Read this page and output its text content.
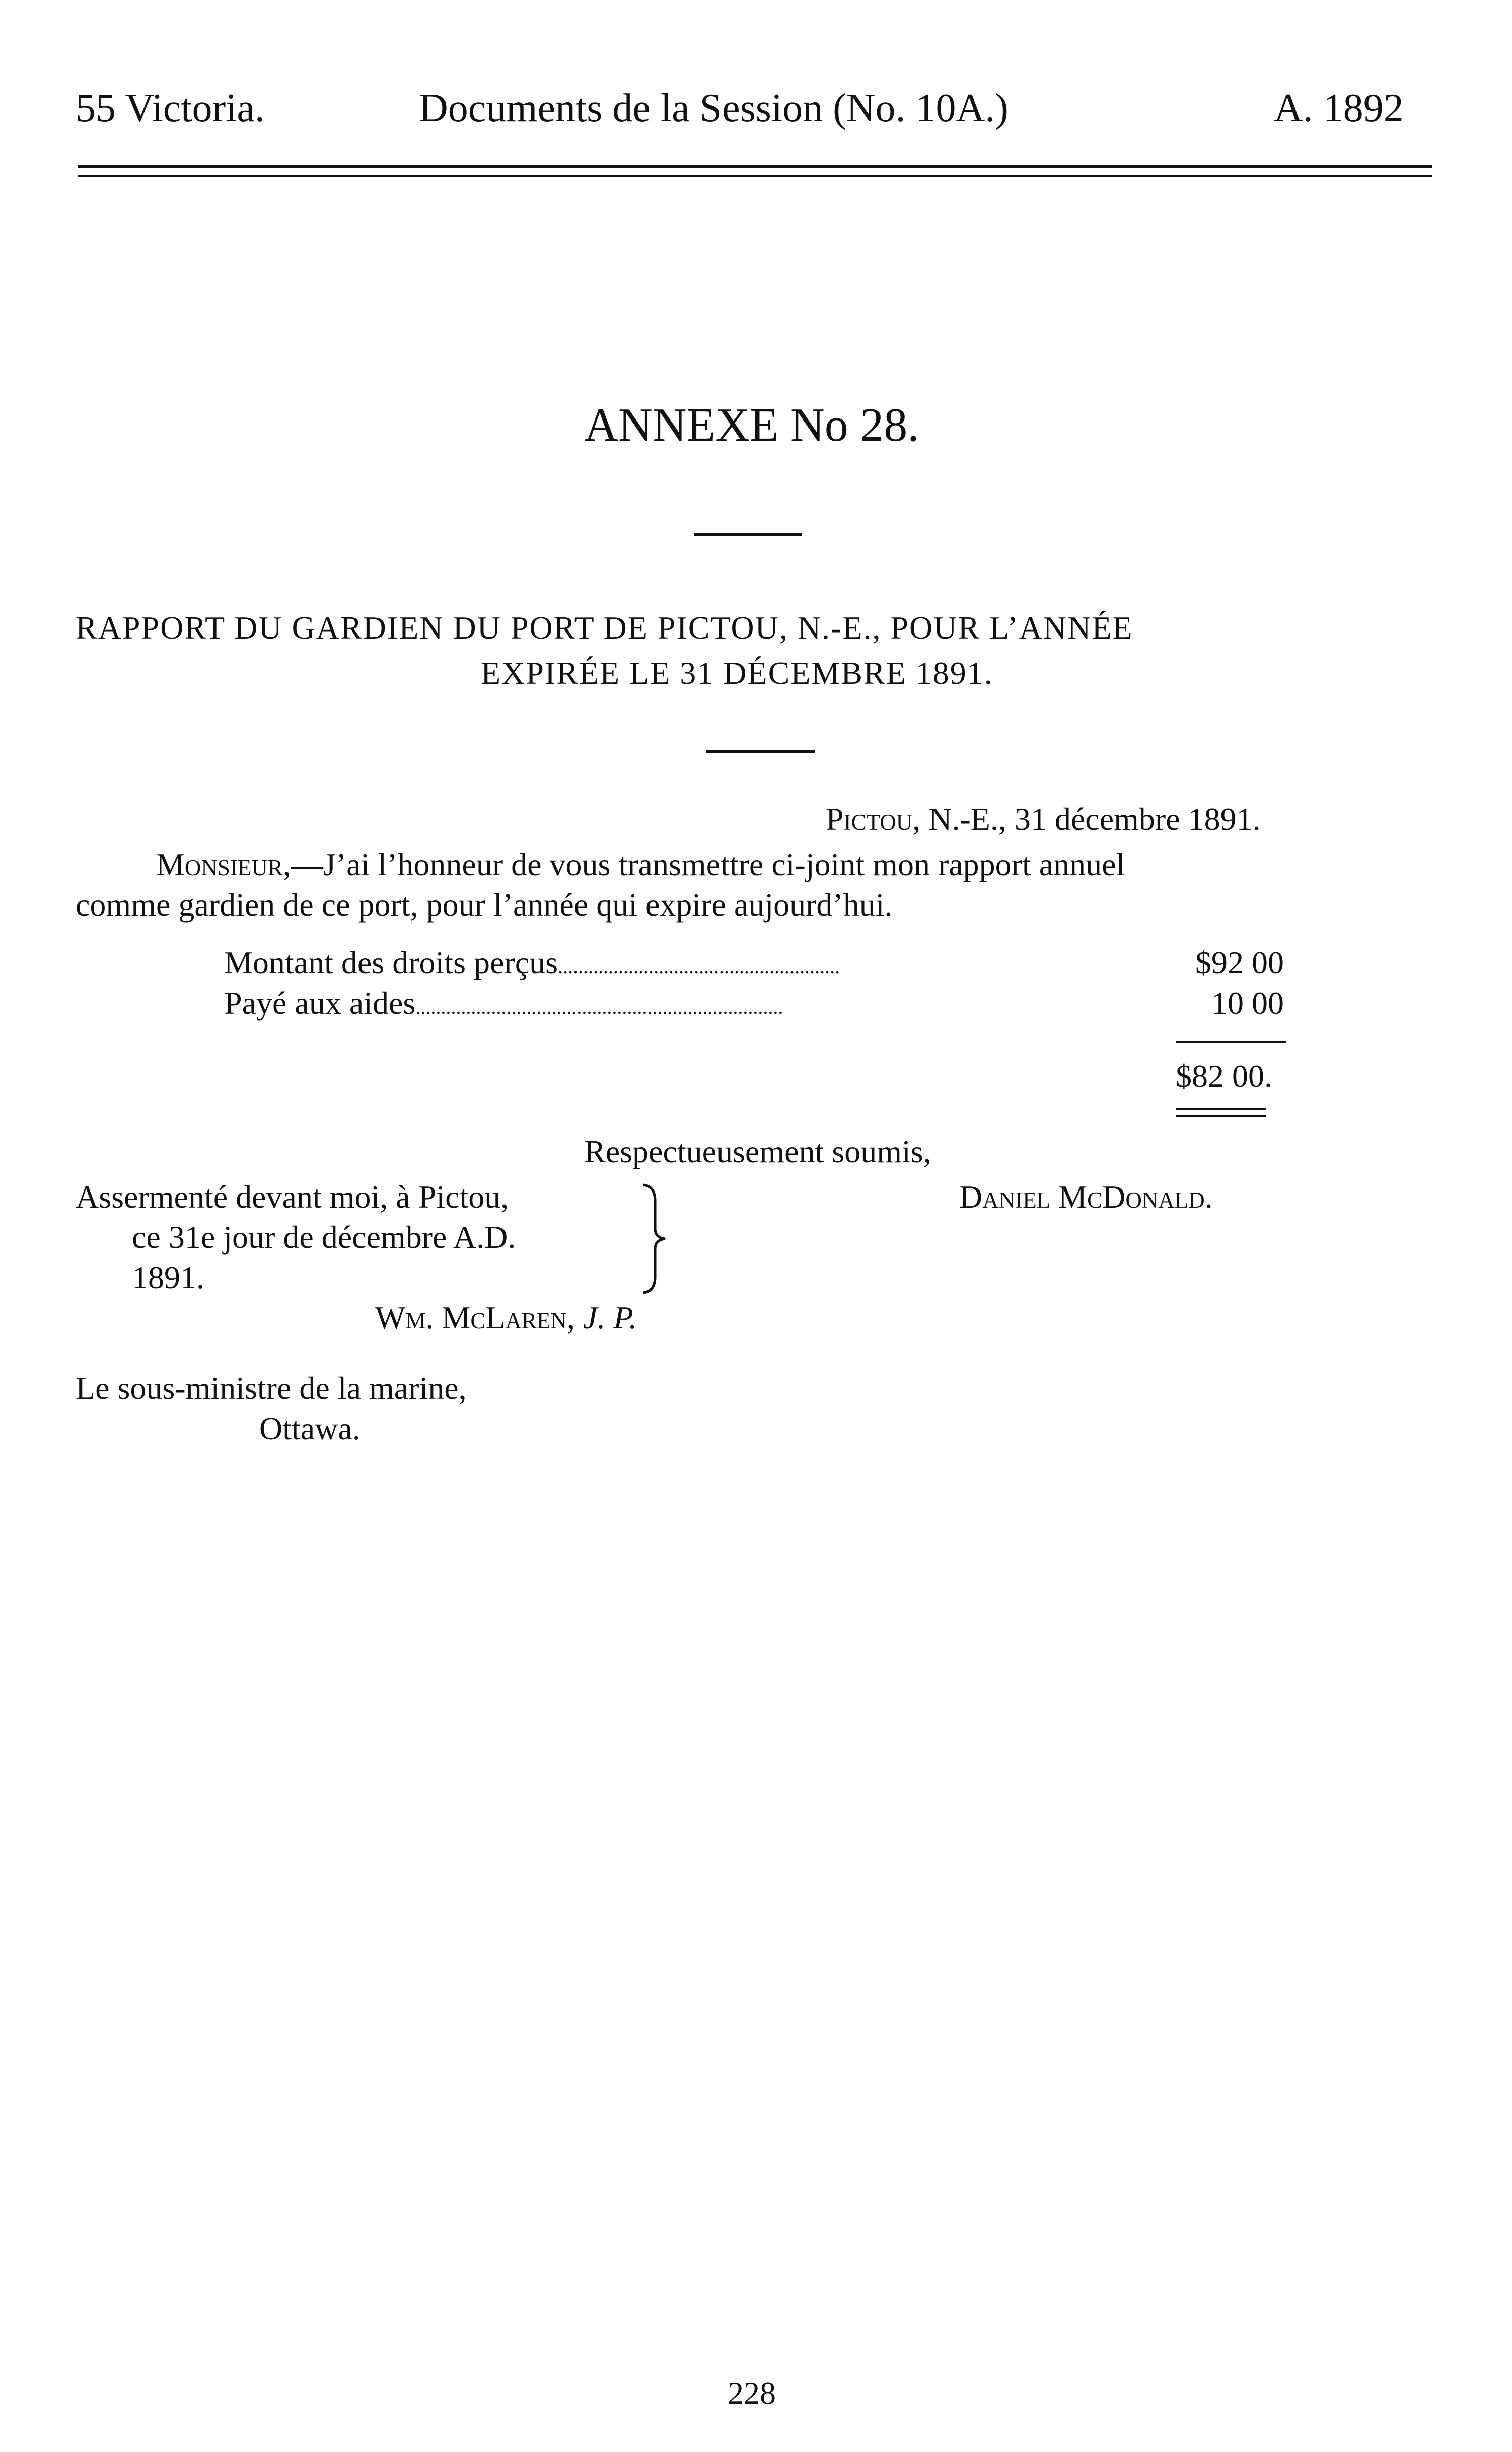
55 Victoria.	Documents de la Session (No. 10A.)	A. 1892
ANNEXE No 28.
RAPPORT DU GARDIEN DU PORT DE PICTOU, N.-E., POUR L’ANNÉE
EXPIRÉE LE 31 DÉCEMBRE 1891.
Pictou, N.-E., 31 décembre 1891.
Monsieur,—J’ai l’honneur de vous transmettre ci-joint mon rapport annuel
comme gardien de ce port, pour l’année qui expire aujourd’hui.
Montant des droits perçus........................................................	$92 00
Payé aux aides.........................................................................	10 00
$82 00.
Respectueusement soumis,
Daniel McDonald.
Assermenté devant moi, à Pictou,
ce 31e jour de décembre A.D.
1891.
Wm. McLaren, J. P.
Le sous-ministre de la marine,
Ottawa.
228
